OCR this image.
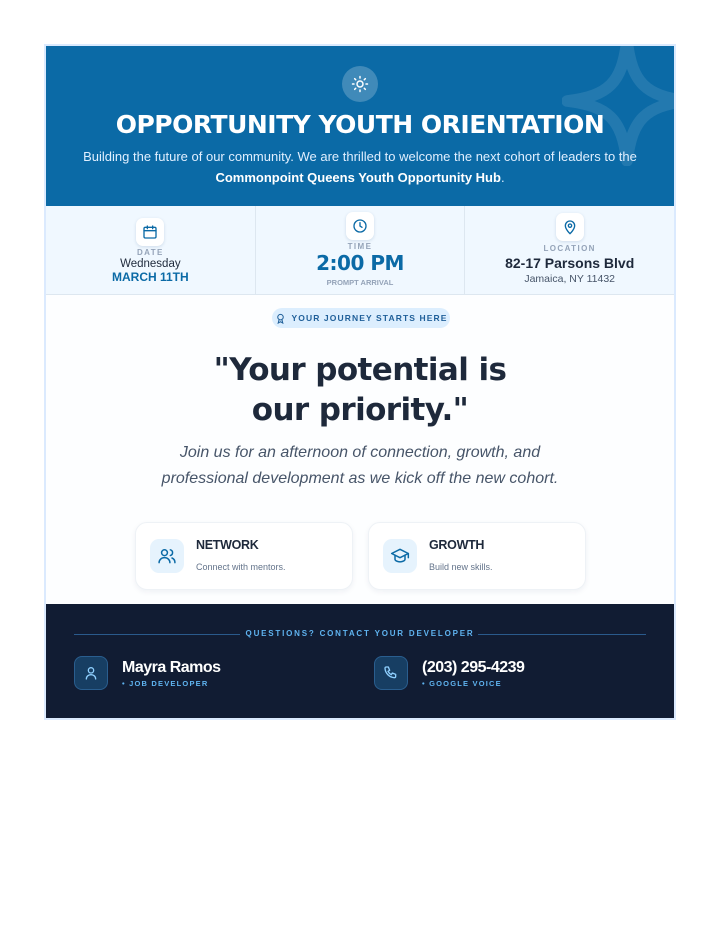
OPPORTUNITY YOUTH ORIENTATION

Building the future of our community. We are thrilled to welcome the next cohort of leaders to the Commonpoint Queens Youth Opportunity Hub.

DATE
Wednesday
MARCH 11TH
TIME
2:00 PM
PROMPT ARRIVAL
LOCATION
82-17 Parsons Blvd
Jamaica, NY 11432
YOUR JOURNEY STARTS HERE
"Your potential is
our priority."

Join us for an afternoon of connection, growth, and
professional development as we kick off the new cohort.

NETWORK
Connect with mentors.
GROWTH
Build new skills.
QUESTIONS? CONTACT YOUR DEVELOPER
Mayra Ramos
• JOB DEVELOPER
(203) 295-4239
• GOOGLE VOICE
